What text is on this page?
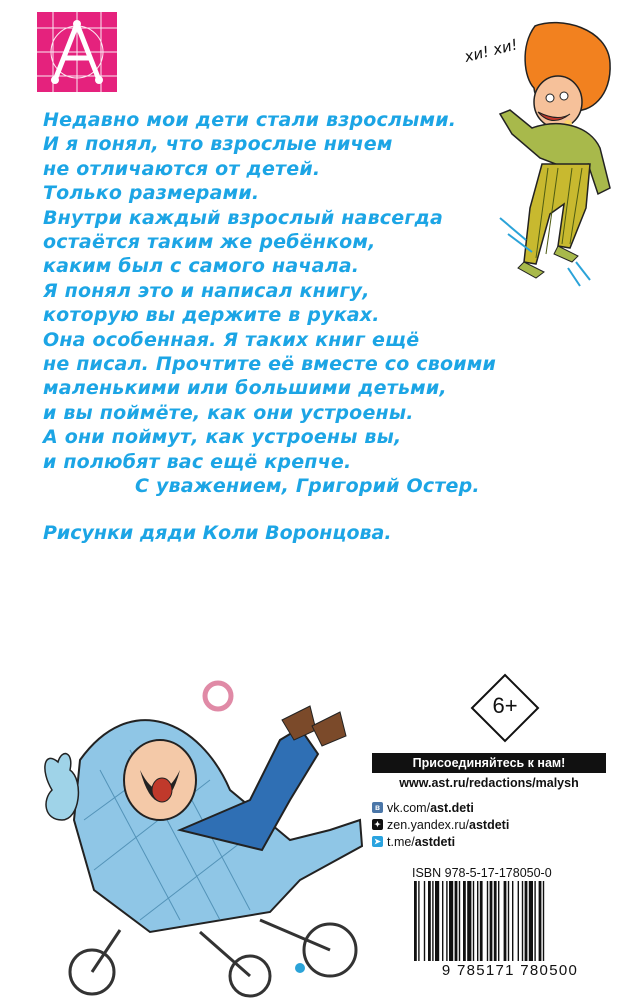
Недавно мои дети стали взрослыми.
И я понял, что взрослые ничем
не отличаются от детей.
Только размерами.
Внутри каждый взрослый навсегда
остаётся таким же ребёнком,
каким был с самого начала.
Я понял это и написал книгу,
которую вы держите в руках.
Она особенная. Я таких книг ещё
не писал. Прочтите её вместе со своими
маленькими или большими детьми,
и вы поймёте, как они устроены.
А они поймут, как устроены вы,
и полюбят вас ещё крепче.
С уважением, Григорий Остер.
Рисунки дяди Коли Воронцова.
хи! хи!
6+
Присоединяйтесь к нам!
www.ast.ru/redactions/malysh
в vk.com/ ast.deti
✦ zen.yandex.ru/ astdeti
➤ t.me/ astdeti
ISBN 978-5-17-178050-0
9 785171 780500
